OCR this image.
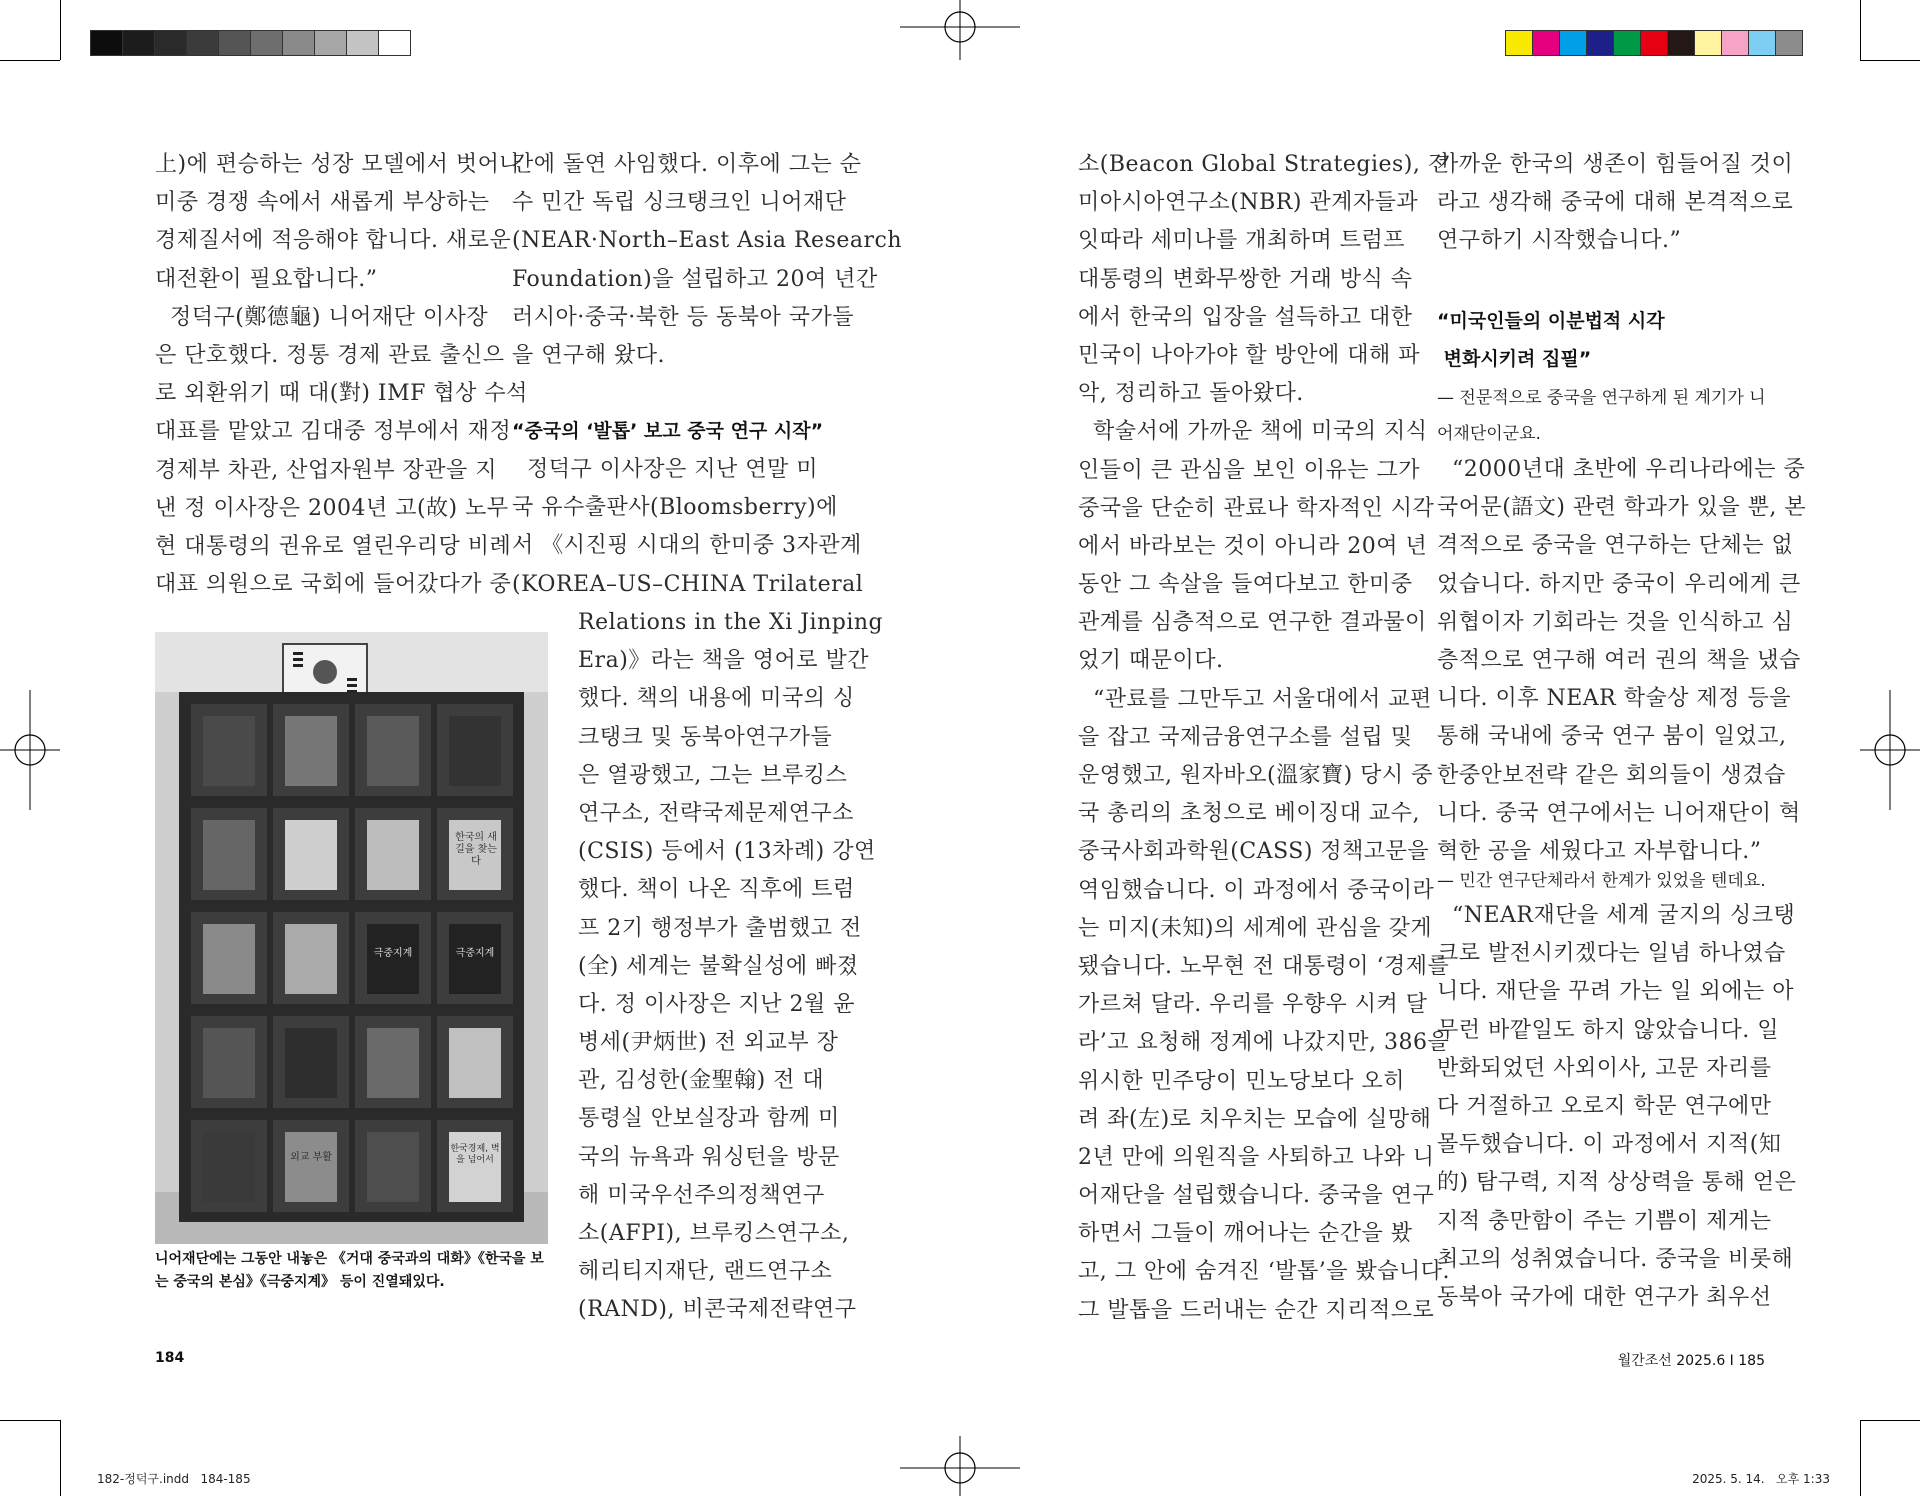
上)에 편승하는 성장 모델에서 벗어나
미중 경쟁 속에서 새롭게 부상하는
경제질서에 적응해야 합니다. 새로운
대전환이 필요합니다.”
정덕구(鄭德龜) 니어재단 이사장
은 단호했다. 정통 경제 관료 출신으
로 외환위기 때 대(對) IMF 협상 수석
대표를 맡았고 김대중 정부에서 재정
경제부 차관, 산업자원부 장관을 지
낸 정 이사장은 2004년 고(故) 노무
현 대통령의 권유로 열린우리당 비례
대표 의원으로 국회에 들어갔다가 중
간에 돌연 사임했다. 이후에 그는 순
수 민간 독립 싱크탱크인 니어재단
(NEAR·North–East Asia Research
Foundation)을 설립하고 20여 년간
러시아·중국·북한 등 동북아 국가들
을 연구해 왔다.
“중국의 ‘발톱’ 보고 중국 연구 시작”
정덕구 이사장은 지난 연말 미
국 유수출판사(Bloomsberry)에
서 《시진핑 시대의 한미중 3자관계
(KOREA–US–CHINA Trilateral
Relations in the Xi Jinping
Era)》라는 책을 영어로 발간
했다. 책의 내용에 미국의 싱
크탱크 및 동북아연구가들
은 열광했고, 그는 브루킹스
연구소, 전략국제문제연구소
(CSIS) 등에서 (13차례) 강연
했다. 책이 나온 직후에 트럼
프 2기 행정부가 출범했고 전
(全) 세계는 불확실성에 빠졌
다. 정 이사장은 지난 2월 윤
병세(尹炳世) 전 외교부 장
관, 김성한(金聖翰) 전 대
통령실 안보실장과 함께 미
국의 뉴욕과 워싱턴을 방문
해 미국우선주의정책연구
소(AFPI), 브루킹스연구소,
헤리티지재단, 랜드연구소
(RAND), 비콘국제전략연구
한국의 새 길을 찾는다
극중지계	극중지계
외교 부활
한국경제, 벽을 넘어서
니어재단에는 그동안 내놓은 《거대 중국과의 대화》《한국을 보
는 중국의 본심》《극중지계》 등이 진열돼있다.
소(Beacon Global Strategies), 전
미아시아연구소(NBR) 관계자들과
잇따라 세미나를 개최하며 트럼프
대통령의 변화무쌍한 거래 방식 속
에서 한국의 입장을 설득하고 대한
민국이 나아가야 할 방안에 대해 파
악, 정리하고 돌아왔다.
학술서에 가까운 책에 미국의 지식
인들이 큰 관심을 보인 이유는 그가
중국을 단순히 관료나 학자적인 시각
에서 바라보는 것이 아니라 20여 년
동안 그 속살을 들여다보고 한미중
관계를 심층적으로 연구한 결과물이
었기 때문이다.
“관료를 그만두고 서울대에서 교편
을 잡고 국제금융연구소를 설립 및
운영했고, 원자바오(溫家寶) 당시 중
국 총리의 초청으로 베이징대 교수,
중국사회과학원(CASS) 정책고문을
역임했습니다. 이 과정에서 중국이라
는 미지(未知)의 세계에 관심을 갖게
됐습니다. 노무현 전 대통령이 ‘경제를
가르쳐 달라. 우리를 우향우 시켜 달
라’고 요청해 정계에 나갔지만, 386을
위시한 민주당이 민노당보다 오히
려 좌(左)로 치우치는 모습에 실망해
2년 만에 의원직을 사퇴하고 나와 니
어재단을 설립했습니다. 중국을 연구
하면서 그들이 깨어나는 순간을 봤
고, 그 안에 숨겨진 ‘발톱’을 봤습니다.
그 발톱을 드러내는 순간 지리적으로
가까운 한국의 생존이 힘들어질 것이
라고 생각해 중국에 대해 본격적으로
연구하기 시작했습니다.”
“미국인들의 이분법적 시각
변화시키려 집필”
— 전문적으로 중국을 연구하게 된 계기가 니
어재단이군요.
“2000년대 초반에 우리나라에는 중
국어문(語文) 관련 학과가 있을 뿐, 본
격적으로 중국을 연구하는 단체는 없
었습니다. 하지만 중국이 우리에게 큰
위협이자 기회라는 것을 인식하고 심
층적으로 연구해 여러 권의 책을 냈습
니다. 이후 NEAR 학술상 제정 등을
통해 국내에 중국 연구 붐이 일었고,
한중안보전략 같은 회의들이 생겼습
니다. 중국 연구에서는 니어재단이 혁
혁한 공을 세웠다고 자부합니다.”
— 민간 연구단체라서 한계가 있었을 텐데요.
“NEAR재단을 세계 굴지의 싱크탱
크로 발전시키겠다는 일념 하나였습
니다. 재단을 꾸려 가는 일 외에는 아
무런 바깥일도 하지 않았습니다. 일
반화되었던 사외이사, 고문 자리를
다 거절하고 오로지 학문 연구에만
몰두했습니다. 이 과정에서 지적(知
的) 탐구력, 지적 상상력을 통해 얻은
지적 충만함이 주는 기쁨이 제게는
최고의 성취였습니다. 중국을 비롯해
동북아 국가에 대한 연구가 최우선
184	월간조선 2025.6 I 185
182-정덕구.indd   184-185	2025. 5. 14.   오후 1:33
